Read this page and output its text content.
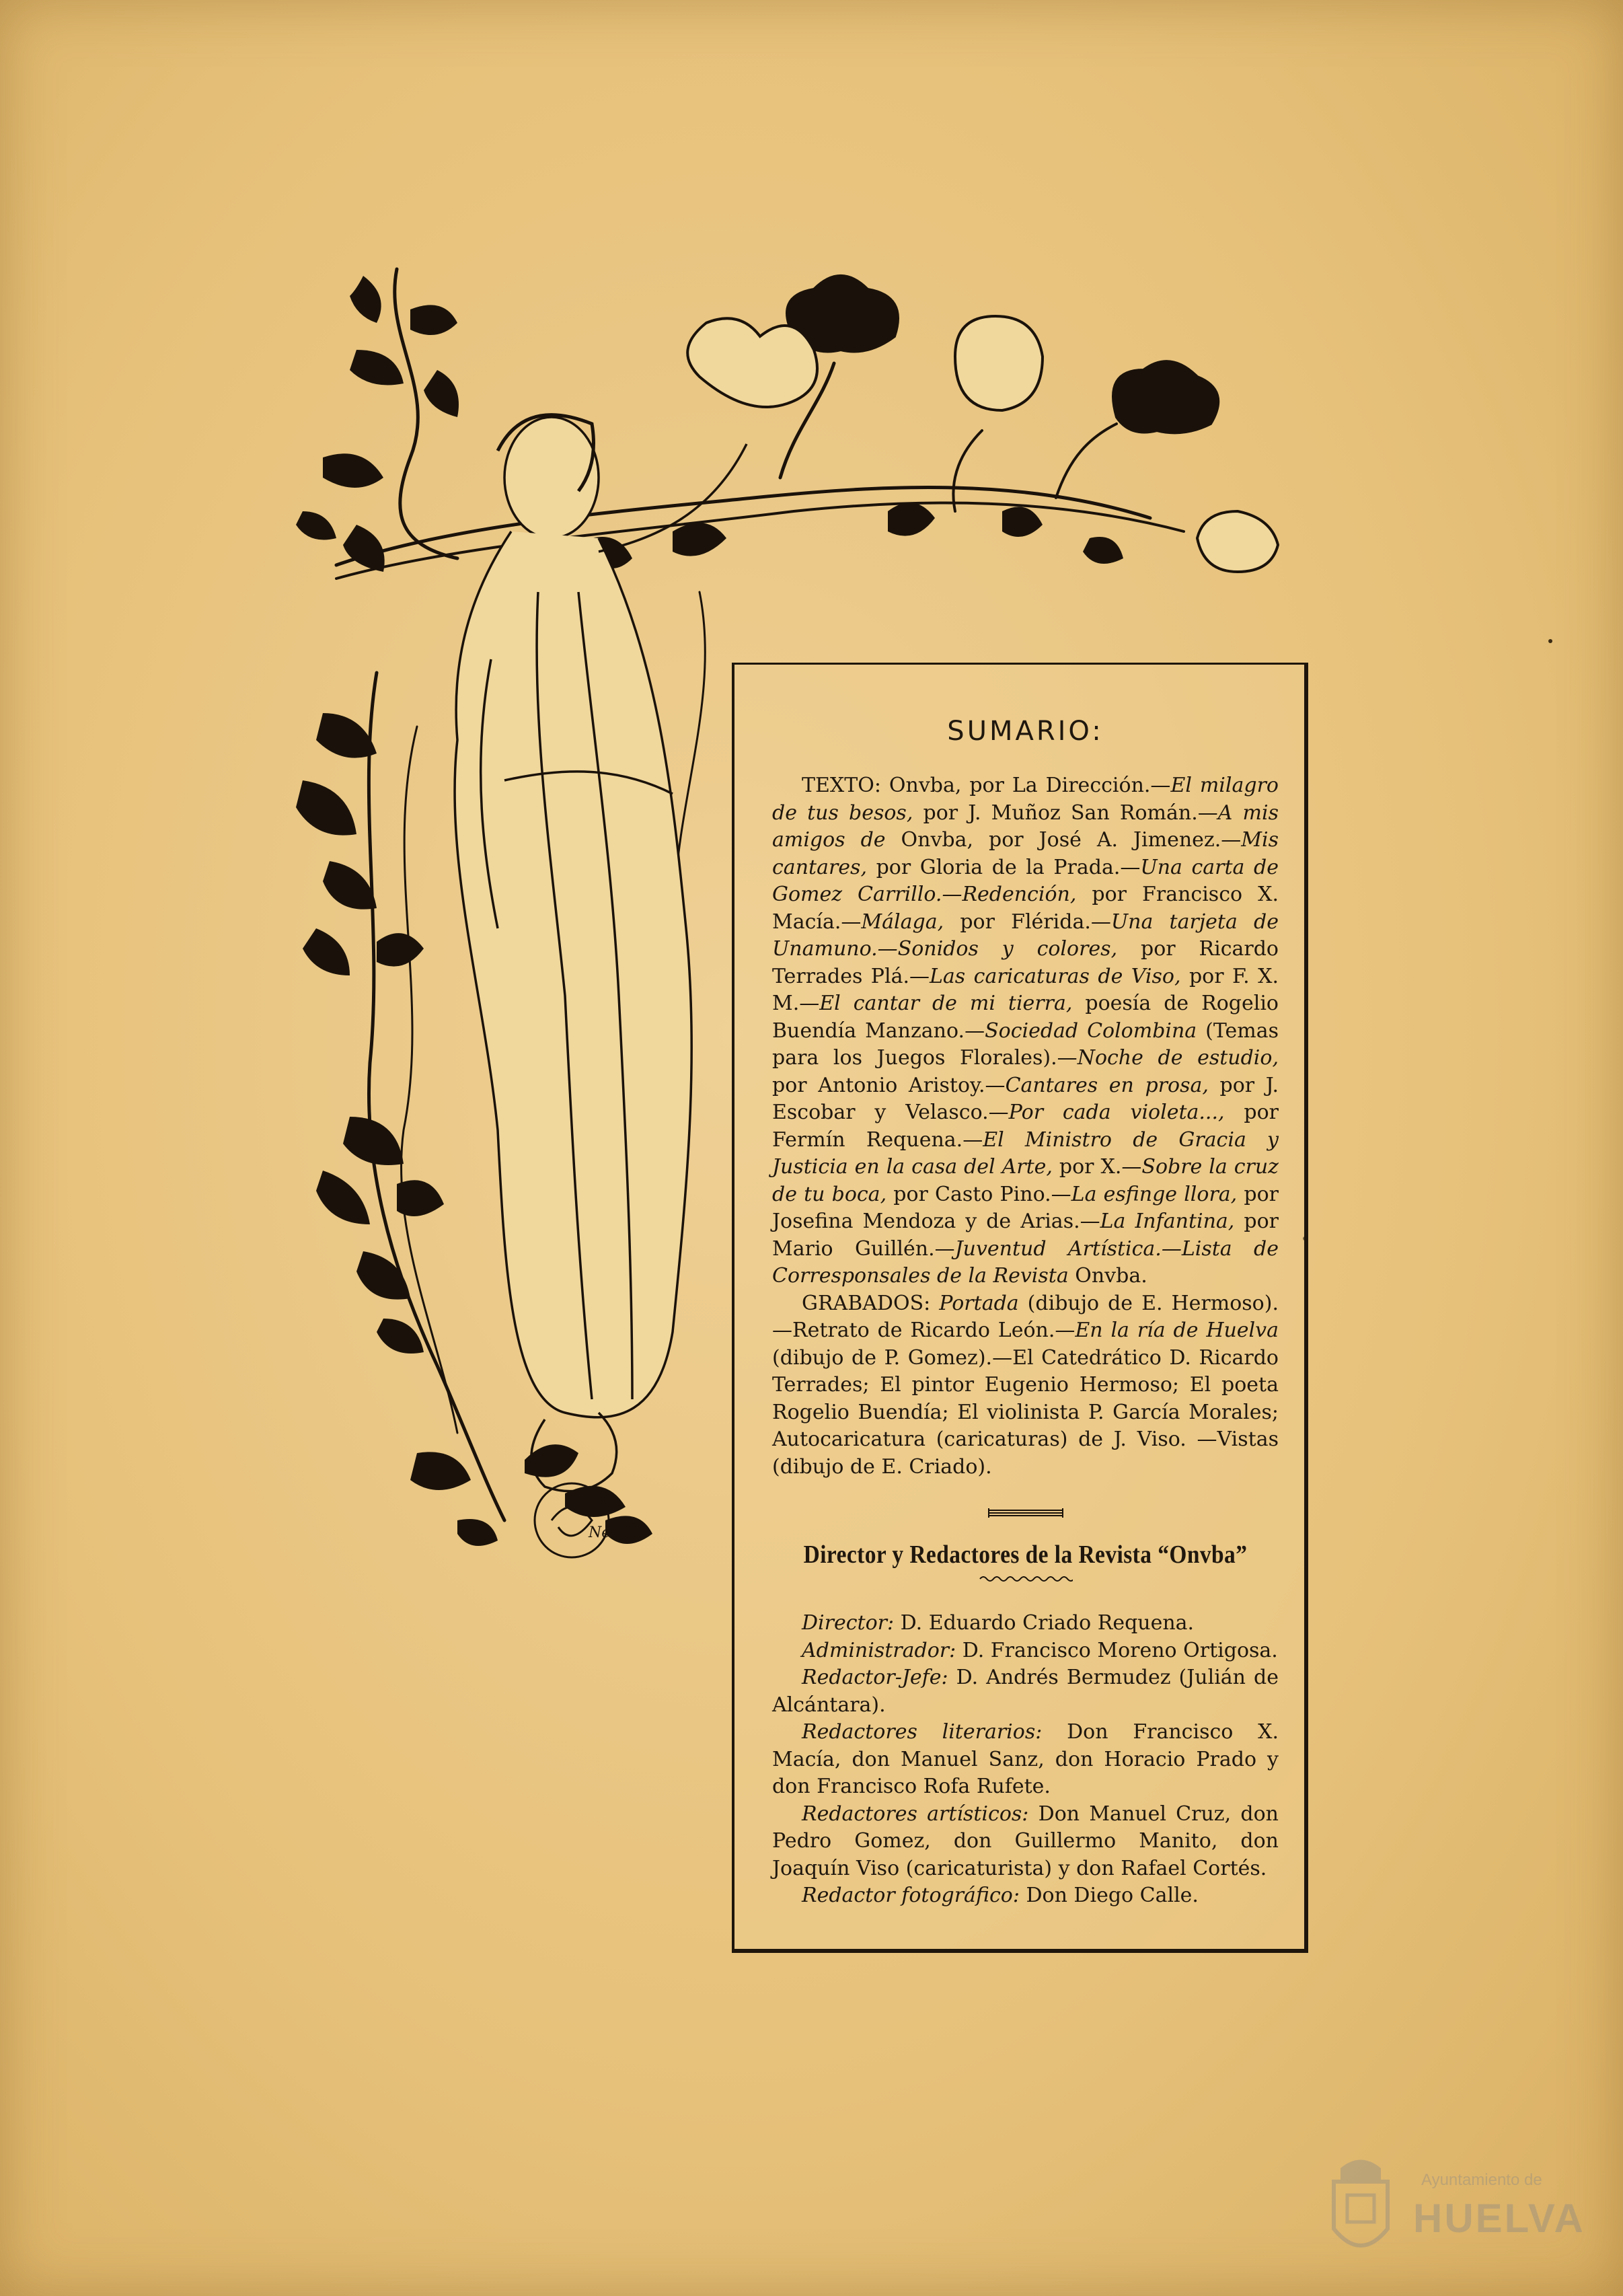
Nes 66
SUMARIO:

TEXTO: Onvba, por La Dirección.—El milagro de tus besos, por J. Muñoz San Román.—A mis amigos de Onvba, por José A. Jimenez.—Mis cantares, por Gloria de la Prada.—Una carta de Gomez Carrillo.—Redención, por Francisco X. Macía.—Málaga, por Flérida.—Una tarjeta de Unamuno.—Sonidos y colores, por Ricardo Terrades Plá.—Las caricaturas de Viso, por F. X. M.—El cantar de mi tierra, poesía de Rogelio Buendía Manzano.—Sociedad Colombina (Temas para los Juegos Florales).—Noche de estudio, por Antonio Aristoy.—Cantares en prosa, por J. Escobar y Velasco.—Por cada violeta..., por Fermín Requena.—El Ministro de Gracia y Justicia en la casa del Arte, por X.—Sobre la cruz de tu boca, por Casto Pino.—La esfinge llora, por Josefina Mendoza y de Arias.—La Infantina, por Mario Guillén.—Juventud Artística.—Lista de Corresponsales de la Revista Onvba.

GRABADOS: Portada (dibujo de E. Hermoso). —Retrato de Ricardo León.—En la ría de Huelva (dibujo de P. Gomez).—El Catedrático D. Ricardo Terrades; El pintor Eugenio Hermoso; El poeta Rogelio Buendía; El violinista P. García Morales; Autocaricatura (caricaturas) de J. Viso. —Vistas (dibujo de E. Criado).

Director y Redactores de la Revista “Onvba”

Director: D. Eduardo Criado Requena.

Administrador: D. Francisco Moreno Ortigosa.

Redactor-Jefe: D. Andrés Bermudez (Julián de Alcántara).

Redactores literarios: Don Francisco X. Macía, don Manuel Sanz, don Horacio Prado y don Francisco Rofa Rufete.

Redactores artísticos: Don Manuel Cruz, don Pedro Gomez, don Guillermo Manito, don Joaquín Viso (caricaturista) y don Rafael Cortés.

Redactor fotográfico: Don Diego Calle.

Ayuntamiento de
HUELVA
